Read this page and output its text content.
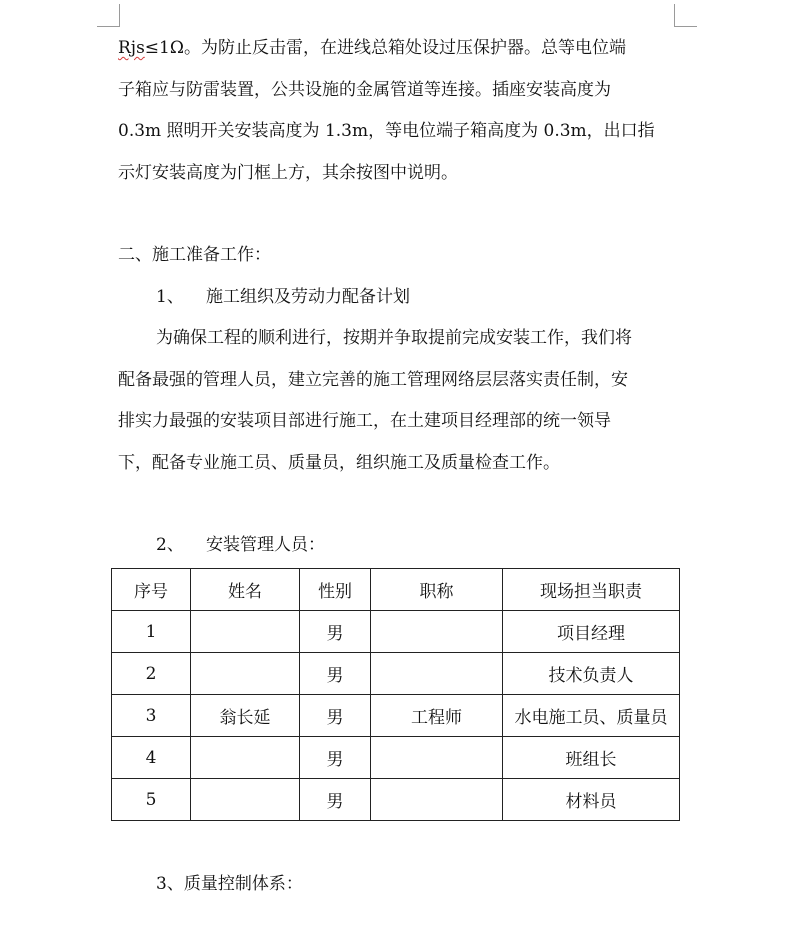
Rjs≤1Ω。为防止反击雷，在进线总箱处设过压保护器。总等电位端

子箱应与防雷装置，公共设施的金属管道等连接。插座安装高度为

0.3m 照明开关安装高度为 1.3m，等电位端子箱高度为 0.3m，出口指

示灯安装高度为门框上方，其余按图中说明。

二、施工准备工作：

1、 施工组织及劳动力配备计划

为确保工程的顺利进行，按期并争取提前完成安装工作，我们将

配备最强的管理人员，建立完善的施工管理网络层层落实责任制，安

排实力最强的安装项目部进行施工，在土建项目经理部的统一领导

下，配备专业施工员、质量员，组织施工及质量检查工作。

2、 安装管理人员：

序号	姓名	性别	职称	现场担当职责
1		男		项目经理
2		男		技术负责人
3	翁长延	男	工程师	水电施工员、质量员
4		男		班组长
5		男		材料员

3、质量控制体系：
